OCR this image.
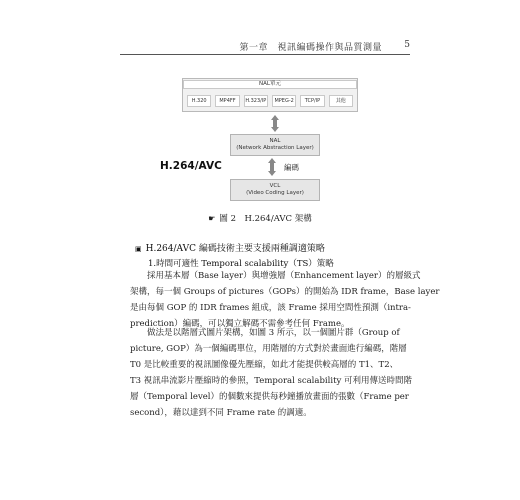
第一章　視訊編碼操作與品質測量 5
NAL單元
H.320	MP4FF	H.323/IP	MPEG-2	TCP/IP	其他
NAL
(Network Abstraction Layer)
H.264/AVC	編碼
VCL
(Video Coding Layer)
☛ 圖 2　H.264/AVC 架構
▣ H.264/AVC 編碼技術主要支援兩種調適策略
1.時間可適性 Temporal scalability（TS）策略
採用基本層（Base layer）與增強層（Enhancement layer）的層級式
架構，每一個 Groups of pictures（GOPs）的開始為 IDR frame，Base layer
是由每個 GOP 的 IDR frames 組成，該 Frame 採用空間性預測（intra-
prediction）編碼，可以獨立解碼不需參考任何 Frame。
做法是以階層式圖片架構，如圖 3 所示，以一個圖片群（Group of
picture, GOP）為一個編碼單位，用階層的方式對於畫面進行編碼，階層
T0 是比較重要的視訊圖像優先壓縮，如此才能提供較高層的 T1、T2、
T3 視訊串流影片壓縮時的參照，Temporal scalability 可利用傳送時間階
層（Temporal level）的個數來提供每秒鐘播放畫面的張數（Frame per
second），藉以達到不同 Frame rate 的調適。
